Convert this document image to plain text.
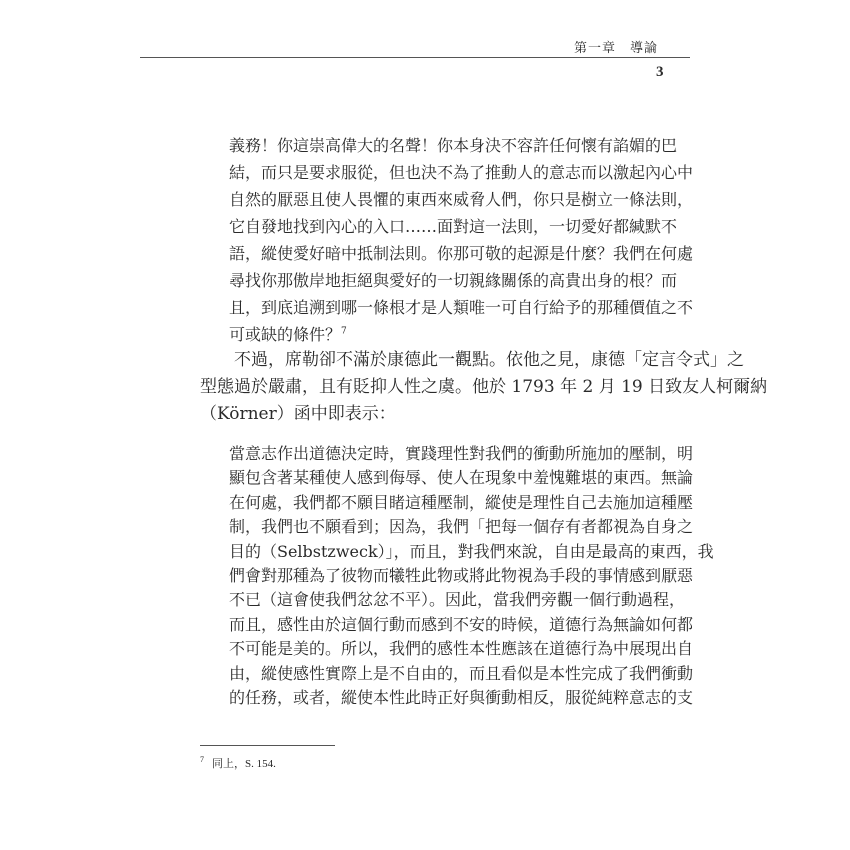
第一章　導論
3
義務！你這崇高偉大的名聲！你本身決不容許任何懷有諂媚的巴
結，而只是要求服從，但也決不為了推動人的意志而以激起內心中
自然的厭惡且使人畏懼的東西來威脅人們，你只是樹立一條法則，
它自發地找到內心的入口……面對這一法則，一切愛好都緘默不
語，縱使愛好暗中抵制法則。你那可敬的起源是什麼？我們在何處
尋找你那傲岸地拒絕與愛好的一切親緣關係的高貴出身的根？而
且，到底追溯到哪一條根才是人類唯一可自行給予的那種價值之不
可或缺的條件？$^7$
不過，席勒卻不滿於康德此一觀點。依他之見，康德「定言令式」之
型態過於嚴肅，且有貶抑人性之虞。他於 1793 年 2 月 19 日致友人柯爾納
（Körner）函中即表示：
當意志作出道德決定時，實踐理性對我們的衝動所施加的壓制，明
顯包含著某種使人感到侮辱、使人在現象中羞愧難堪的東西。無論
在何處，我們都不願目睹這種壓制，縱使是理性自己去施加這種壓
制，我們也不願看到；因為，我們「把每一個存有者都視為自身之
目的（Selbstzweck）」，而且，對我們來說，自由是最高的東西，我
們會對那種為了彼物而犧牲此物或將此物視為手段的事情感到厭惡
不已（這會使我們忿忿不平）。因此，當我們旁觀一個行動過程，
而且，感性由於這個行動而感到不安的時候，道德行為無論如何都
不可能是美的。所以，我們的感性本性應該在道德行為中展現出自
由，縱使感性實際上是不自由的，而且看似是本性完成了我們衝動
的任務，或者，縱使本性此時正好與衝動相反，服從純粹意志的支
$^7$ 同上，S. 154.
